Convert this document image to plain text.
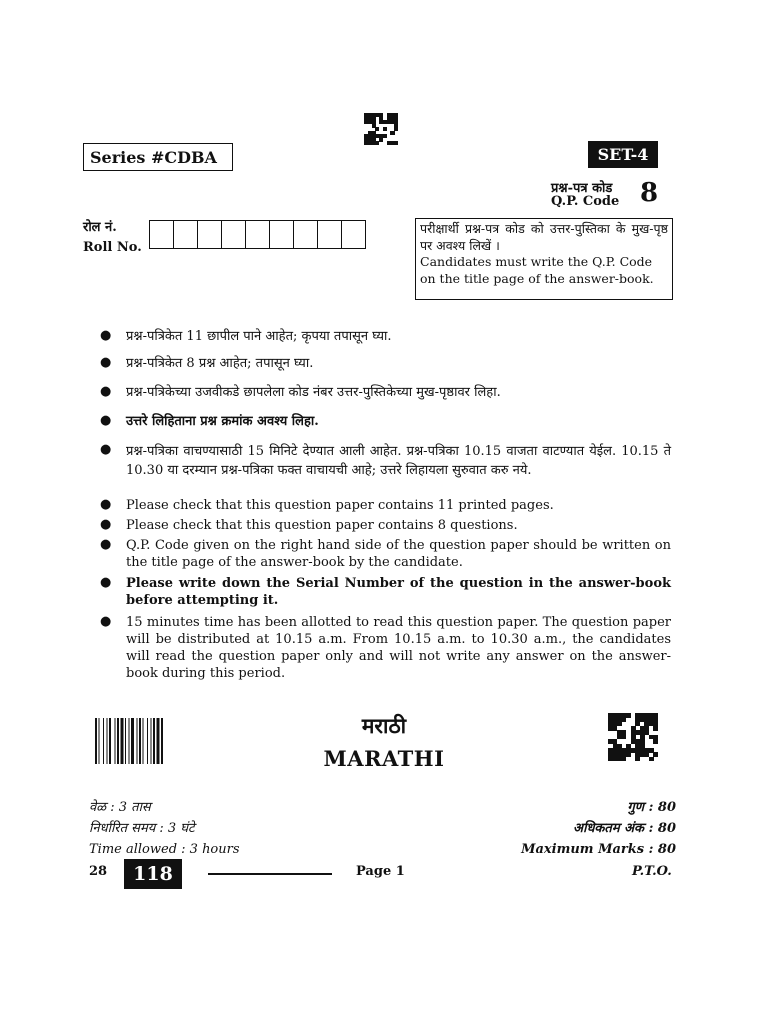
Series #CDBA	SET-4
प्रश्न-पत्र कोड
Q.P. Code 8
रोल नं.
Roll No.
परीक्षार्थी प्रश्न-पत्र कोड को उत्तर-पुस्तिका के मुख-पृष्ठ पर अवश्य लिखें ।
Candidates must write the Q.P. Code on the title page of the answer-book.
● प्रश्न-पत्रिकेत 11 छापील पाने आहेत; कृपया तपासून घ्या.
● प्रश्न-पत्रिकेत 8 प्रश्न आहेत; तपासून घ्या.
● प्रश्न-पत्रिकेच्या उजवीकडे छापलेला कोड नंबर उत्तर-पुस्तिकेच्या मुख-पृष्ठावर लिहा.
● उत्तरे लिहिताना प्रश्न क्रमांक अवश्य लिहा.
● प्रश्न-पत्रिका वाचण्यासाठी 15 मिनिटे देण्यात आली आहेत. प्रश्न-पत्रिका 10.15 वाजता वाटण्यात येईल. 10.15 ते 10.30 या दरम्यान प्रश्न-पत्रिका फक्त वाचायची आहे; उत्तरे लिहायला सुरुवात करु नये.
● Please check that this question paper contains 11 printed pages.
● Please check that this question paper contains 8 questions.
● Q.P. Code given on the right hand side of the question paper should be written on the title page of the answer-book by the candidate.
● Please write down the Serial Number of the question in the answer-book before attempting it.
● 15 minutes time has been allotted to read this question paper. The question paper will be distributed at 10.15 a.m. From 10.15 a.m. to 10.30 a.m., the candidates will read the question paper only and will not write any answer on the answer-book during this period.
मराठी
MARATHI
वेळ : 3 तास
निर्धारित समय : 3 घंटे
Time allowed : 3 hours
गुण : 80
अधिकतम अंक : 80
Maximum Marks : 80
28	118	Page 1	P.T.O.
